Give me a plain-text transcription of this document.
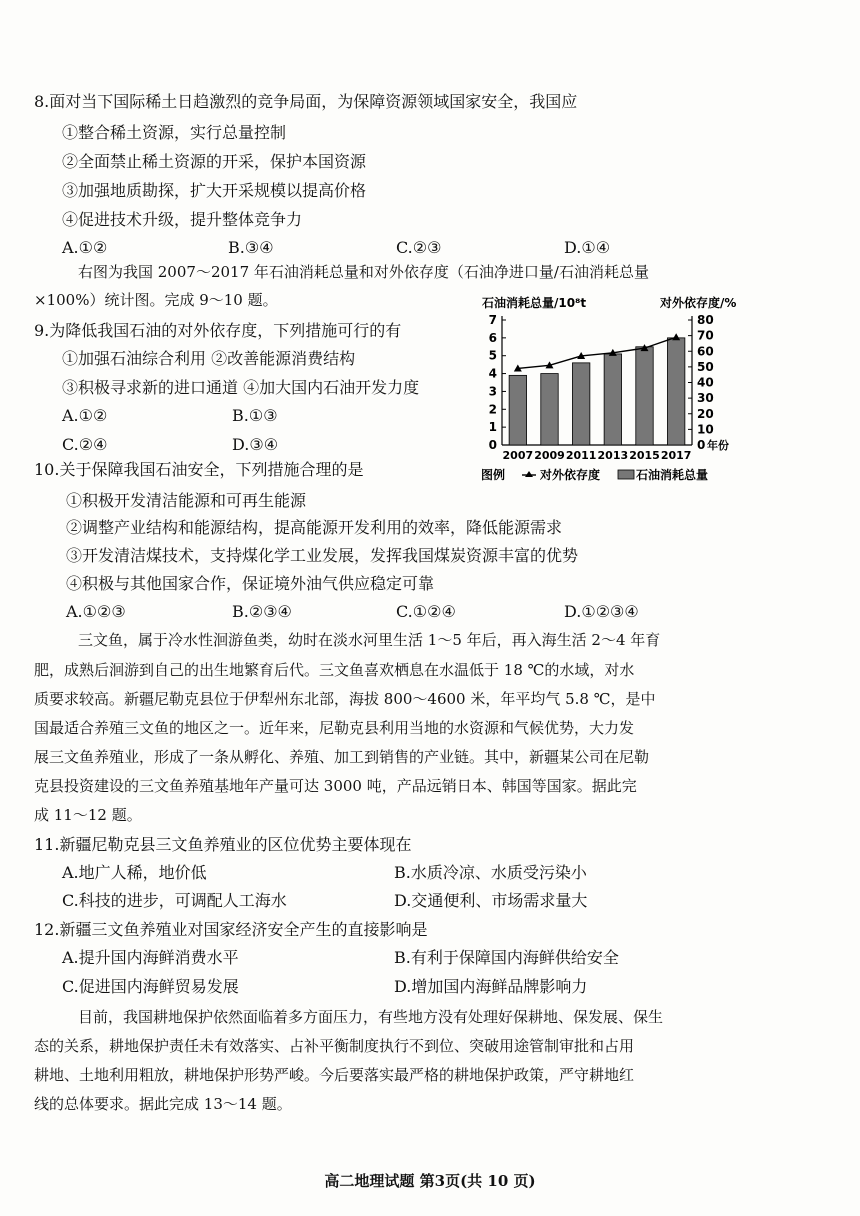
8.面对当下国际稀土日趋激烈的竞争局面，为保障资源领域国家安全，我国应
①整合稀土资源，实行总量控制
②全面禁止稀土资源的开采，保护本国资源
③加强地质勘探，扩大开采规模以提高价格
④促进技术升级，提升整体竞争力
A.①②	B.③④	C.②③	D.①④
右图为我国 2007～2017 年石油消耗总量和对外依存度（石油净进口量/石油消耗总量
×100%）统计图。完成 9～10 题。
9.为降低我国石油的对外依存度，下列措施可行的有
①加强石油综合利用 ②改善能源消费结构
③积极寻求新的进口通道 ④加大国内石油开发力度
A.①②	B.①③
C.②④	D.③④
石油消耗总量/10⁸t	对外依存度/%
0
1
2
3
4
5
6
7
0
10
20
30
40
50
60
70
80
2007 2009 2011 2013 2015 2017
年份
图例	对外依存度	石油消耗总量
10.关于保障我国石油安全，下列措施合理的是
①积极开发清洁能源和可再生能源
②调整产业结构和能源结构，提高能源开发利用的效率，降低能源需求
③开发清洁煤技术，支持煤化学工业发展，发挥我国煤炭资源丰富的优势
④积极与其他国家合作，保证境外油气供应稳定可靠
A.①②③	B.②③④	C.①②④	D.①②③④
三文鱼，属于冷水性洄游鱼类，幼时在淡水河里生活 1～5 年后，再入海生活 2～4 年育
肥，成熟后洄游到自己的出生地繁育后代。三文鱼喜欢栖息在水温低于 18 ℃的水域，对水
质要求较高。新疆尼勒克县位于伊犁州东北部，海拔 800～4600 米，年平均气 5.8 ℃，是中
国最适合养殖三文鱼的地区之一。近年来，尼勒克县利用当地的水资源和气候优势，大力发
展三文鱼养殖业，形成了一条从孵化、养殖、加工到销售的产业链。其中，新疆某公司在尼勒
克县投资建设的三文鱼养殖基地年产量可达 3000 吨，产品远销日本、韩国等国家。据此完
成 11～12 题。
11.新疆尼勒克县三文鱼养殖业的区位优势主要体现在
A.地广人稀，地价低	B.水质冷凉、水质受污染小
C.科技的进步，可调配人工海水	D.交通便利、市场需求量大
12.新疆三文鱼养殖业对国家经济安全产生的直接影响是
A.提升国内海鲜消费水平	B.有利于保障国内海鲜供给安全
C.促进国内海鲜贸易发展	D.增加国内海鲜品牌影响力
目前，我国耕地保护依然面临着多方面压力，有些地方没有处理好保耕地、保发展、保生
态的关系，耕地保护责任未有效落实、占补平衡制度执行不到位、突破用途管制审批和占用
耕地、土地利用粗放，耕地保护形势严峻。今后要落实最严格的耕地保护政策，严守耕地红
线的总体要求。据此完成 13～14 题。
高二地理试题 第3页(共 10 页)
